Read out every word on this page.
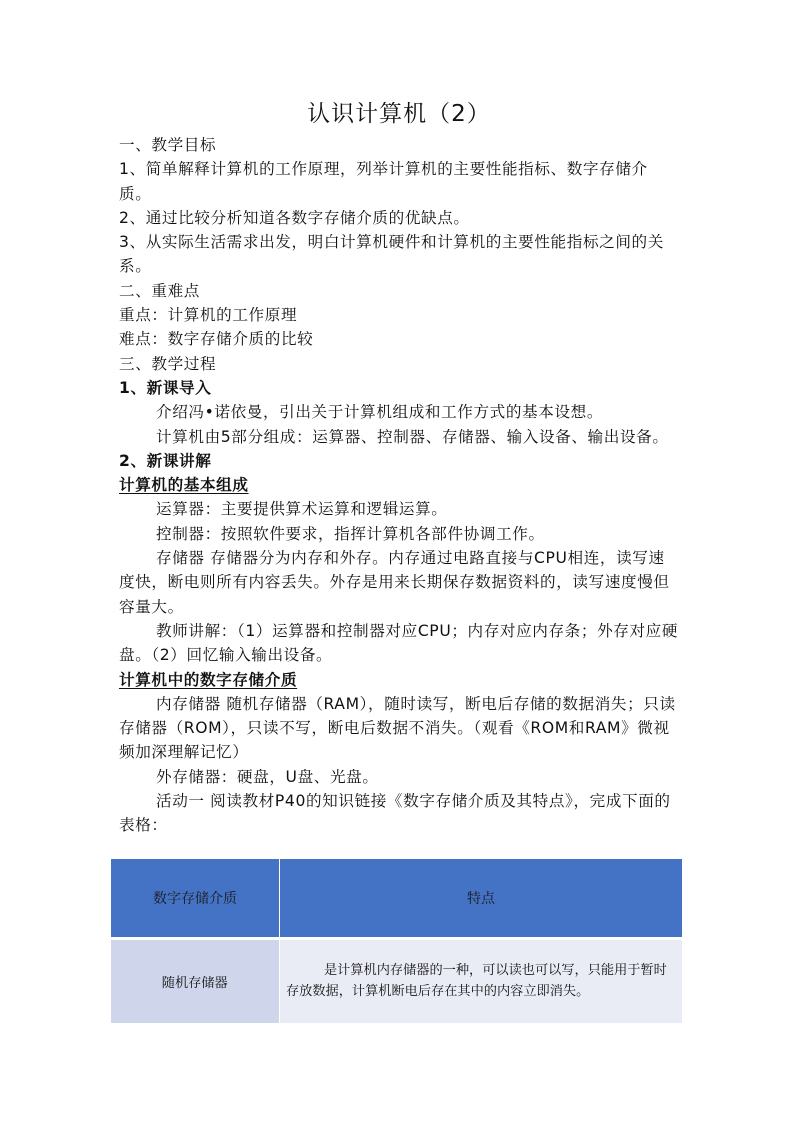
认识计算机（2）

一、教学目标

1、简单解释计算机的工作原理，列举计算机的主要性能指标、数字存储介质。

2、通过比较分析知道各数字存储介质的优缺点。

3、从实际生活需求出发，明白计算机硬件和计算机的主要性能指标之间的关系。

二、重难点

重点：计算机的工作原理

难点：数字存储介质的比较

三、教学过程

1、新课导入

介绍冯•诺依曼，引出关于计算机组成和工作方式的基本设想。

计算机由5部分组成：运算器、控制器、存储器、输入设备、输出设备。

2、新课讲解

计算机的基本组成

运算器：主要提供算术运算和逻辑运算。

控制器：按照软件要求，指挥计算机各部件协调工作。

存储器 存储器分为内存和外存。内存通过电路直接与CPU相连，读写速度快，断电则所有内容丢失。外存是用来长期保存数据资料的，读写速度慢但容量大。

教师讲解：（1）运算器和控制器对应CPU；内存对应内存条；外存对应硬盘。（2）回忆输入输出设备。

计算机中的数字存储介质

内存储器 随机存储器（RAM），随时读写，断电后存储的数据消失；只读存储器（ROM），只读不写，断电后数据不消失。（观看《ROM和RAM》微视频加深理解记忆）

外存储器：硬盘，U盘、光盘。

活动一 阅读教材P40的知识链接《数字存储介质及其特点》，完成下面的表格：

数字存储介质	特点
随机存储器	是计算机内存储器的一种，可以读也可以写，只能用于暂时存放数据，计算机断电后存在其中的内容立即消失。
